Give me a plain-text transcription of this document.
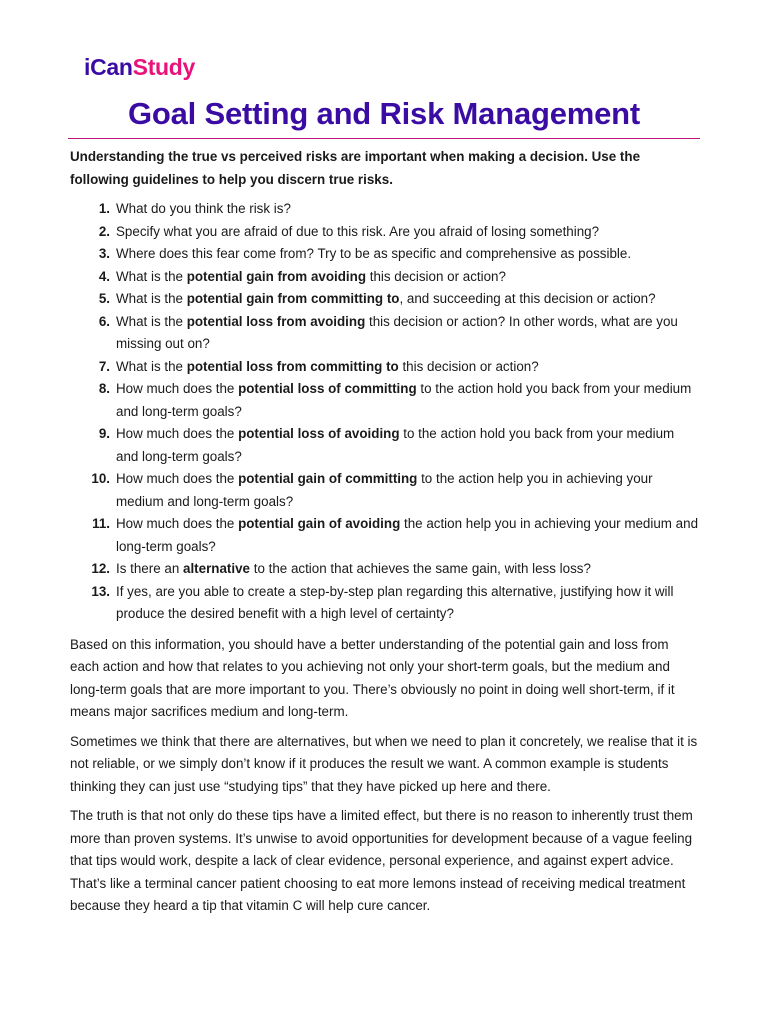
iCanStudy
Goal Setting and Risk Management

Understanding the true vs perceived risks are important when making a decision. Use the following guidelines to help you discern true risks.

1. What do you think the risk is?
2. Specify what you are afraid of due to this risk. Are you afraid of losing something?
3. Where does this fear come from? Try to be as specific and comprehensive as possible.
4. What is the potential gain from avoiding this decision or action?
5. What is the potential gain from committing to, and succeeding at this decision or action?
6. What is the potential loss from avoiding this decision or action? In other words, what are you missing out on?
7. What is the potential loss from committing to this decision or action?
8. How much does the potential loss of committing to the action hold you back from your medium and long-term goals?
9. How much does the potential loss of avoiding to the action hold you back from your medium and long-term goals?
10. How much does the potential gain of committing to the action help you in achieving your medium and long-term goals?
11. How much does the potential gain of avoiding the action help you in achieving your medium and long-term goals?
12. Is there an alternative to the action that achieves the same gain, with less loss?
13. If yes, are you able to create a step-by-step plan regarding this alternative, justifying how it will produce the desired benefit with a high level of certainty?

Based on this information, you should have a better understanding of the potential gain and loss from each action and how that relates to you achieving not only your short-term goals, but the medium and long-term goals that are more important to you. There’s obviously no point in doing well short-term, if it means major sacrifices medium and long-term.

Sometimes we think that there are alternatives, but when we need to plan it concretely, we realise that it is not reliable, or we simply don’t know if it produces the result we want. A common example is students thinking they can just use “studying tips” that they have picked up here and there.

The truth is that not only do these tips have a limited effect, but there is no reason to inherently trust them more than proven systems. It’s unwise to avoid opportunities for development because of a vague feeling that tips would work, despite a lack of clear evidence, personal experience, and against expert advice. That’s like a terminal cancer patient choosing to eat more lemons instead of receiving medical treatment because they heard a tip that vitamin C will help cure cancer.
